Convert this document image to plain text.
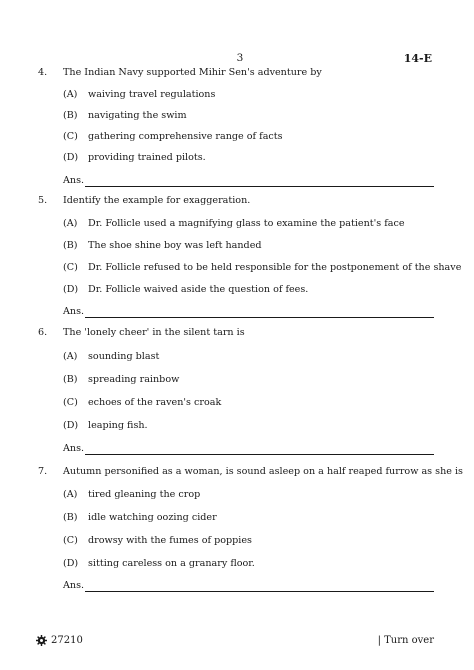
3	14-E
4. The Indian Navy supported Mihir Sen's adventure by
(A) waiving travel regulations
(B) navigating the swim
(C) gathering comprehensive range of facts
(D) providing trained pilots.
Ans.
5. Identify the example for exaggeration.
(A) Dr. Follicle used a magnifying glass to examine the patient's face
(B) The shoe shine boy was left handed
(C) Dr. Follicle refused to be held responsible for the postponement of the shave
(D) Dr. Follicle waived aside the question of fees.
Ans.
6. The 'lonely cheer' in the silent tarn is
(A) sounding blast
(B) spreading rainbow
(C) echoes of the raven's croak
(D) leaping fish.
Ans.
7. Autumn personified as a woman, is sound asleep on a half reaped furrow as she is
(A) tired gleaning the crop
(B) idle watching oozing cider
(C) drowsy with the fumes of poppies
(D) sitting careless on a granary floor.
Ans.
27210	| Turn over
